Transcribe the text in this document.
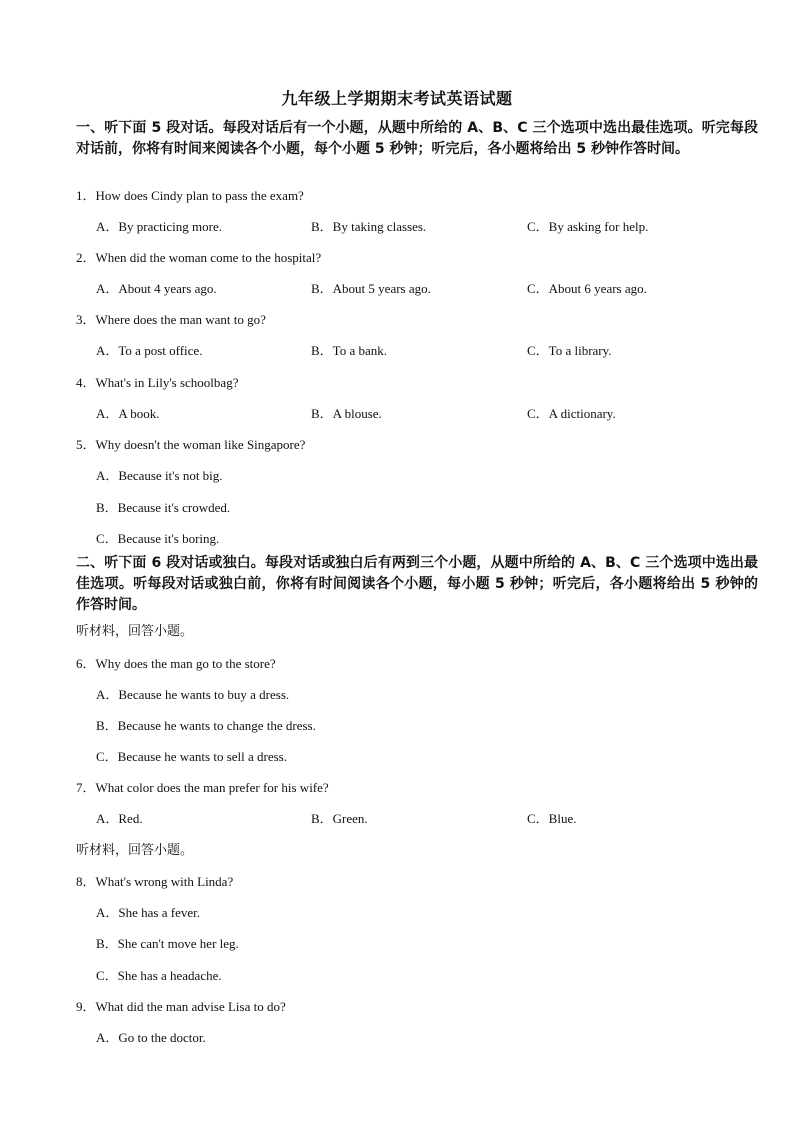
九年级上学期期末考试英语试题
一、听下面 5 段对话。每段对话后有一个小题，从题中所给的 A、B、C 三个选项中选出最佳选项。听完每段对话前，你将有时间来阅读各个小题，每个小题 5 秒钟；听完后，各小题将给出 5 秒钟作答时间。
1．How does Cindy plan to pass the exam?
A．By practicing more.	B．By taking classes.	C．By asking for help.
2．When did the woman come to the hospital?
A．About 4 years ago.	B．About 5 years ago.	C．About 6 years ago.
3．Where does the man want to go?
A．To a post office.	B．To a bank.	C．To a library.
4．What's in Lily's schoolbag?
A．A book.	B．A blouse.	C．A dictionary.
5．Why doesn't the woman like Singapore?
A．Because it's not big.
B．Because it's crowded.
C．Because it's boring.
二、听下面 6 段对话或独白。每段对话或独白后有两到三个小题，从题中所给的 A、B、C 三个选项中选出最佳选项。听每段对话或独白前，你将有时间阅读各个小题，每小题 5 秒钟；听完后，各小题将给出 5 秒钟的作答时间。
听材料，回答小题。
6．Why does the man go to the store?
A．Because he wants to buy a dress.
B．Because he wants to change the dress.
C．Because he wants to sell a dress.
7．What color does the man prefer for his wife?
A．Red.	B．Green.	C．Blue.
听材料，回答小题。
8．What's wrong with Linda?
A．She has a fever.
B．She can't move her leg.
C．She has a headache.
9．What did the man advise Lisa to do?
A．Go to the doctor.
